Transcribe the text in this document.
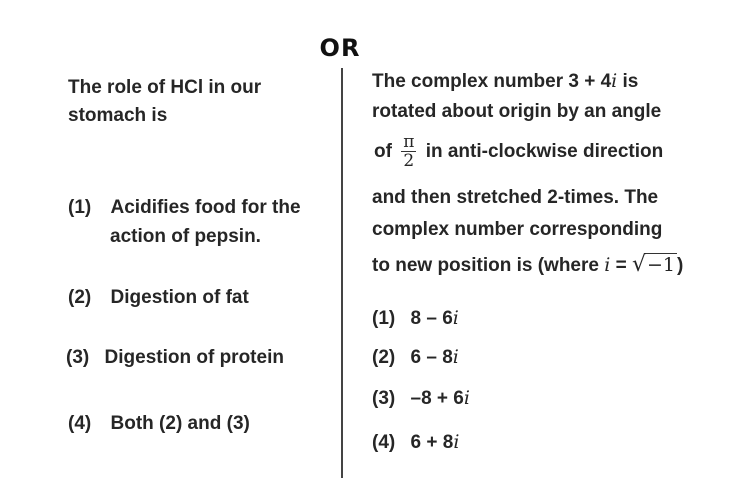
OR
The role of HCl in our
stomach is
(1) Acidifies food for the
action of pepsin.
(2) Digestion of fat
(3) Digestion of protein
(4) Both (2) and (3)
The complex number 3 + 4i is
rotated about origin by an angle
of $\frac{\pi}{2}$ in anti-clockwise direction
and then stretched 2-times. The
complex number corresponding
to new position is (where i = √−1 )
(1) 8 – 6i
(2) 6 – 8i
(3) –8 + 6i
(4) 6 + 8i
